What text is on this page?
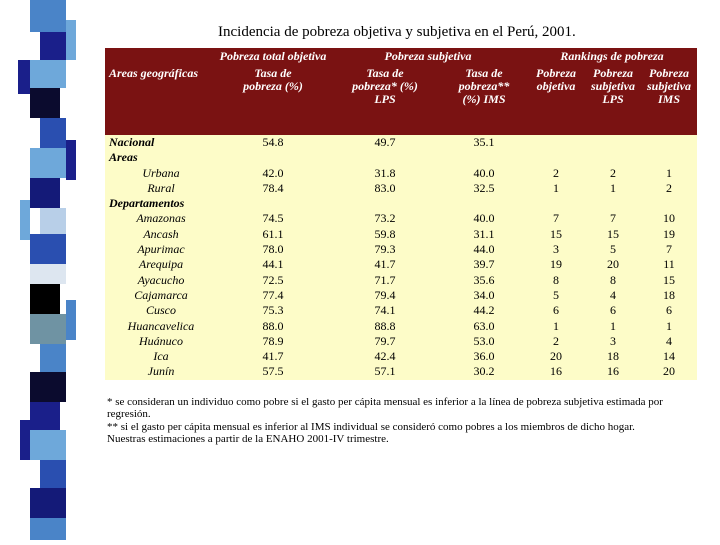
Incidencia de pobreza objetiva y subjetiva en el Perú, 2001.
	Pobreza total objetiva	Pobreza subjetiva		Rankings de pobreza		
Areas geográficas	Tasa de pobreza (%)	Tasa de pobreza* (%) LPS	Tasa de pobreza** (%) IMS	Pobreza objetiva	Pobreza subjetiva LPS	Pobreza subjetiva IMS
Nacional	54.8	49.7	35.1			
Areas						
Urbana	42.0	31.8	40.0	2	2	1
Rural	78.4	83.0	32.5	1	1	2
Departamentos						
Amazonas	74.5	73.2	40.0	7	7	10
Ancash	61.1	59.8	31.1	15	15	19
Apurimac	78.0	79.3	44.0	3	5	7
Arequipa	44.1	41.7	39.7	19	20	11
Ayacucho	72.5	71.7	35.6	8	8	15
Cajamarca	77.4	79.4	34.0	5	4	18
Cusco	75.3	74.1	44.2	6	6	6
Huancavelica	88.0	88.8	63.0	1	1	1
Huánuco	78.9	79.7	53.0	2	3	4
Ica	41.7	42.4	36.0	20	18	14
Junín	57.5	57.1	30.2	16	16	20

* se consideran un individuo como pobre si el gasto per cápita mensual es inferior a la línea de pobreza subjetiva estimada por regresión.

** si el gasto per cápita mensual es inferior al IMS individual se consideró como pobres a los miembros de dicho hogar.

Nuestras estimaciones a partir de la ENAHO 2001-IV trimestre.
